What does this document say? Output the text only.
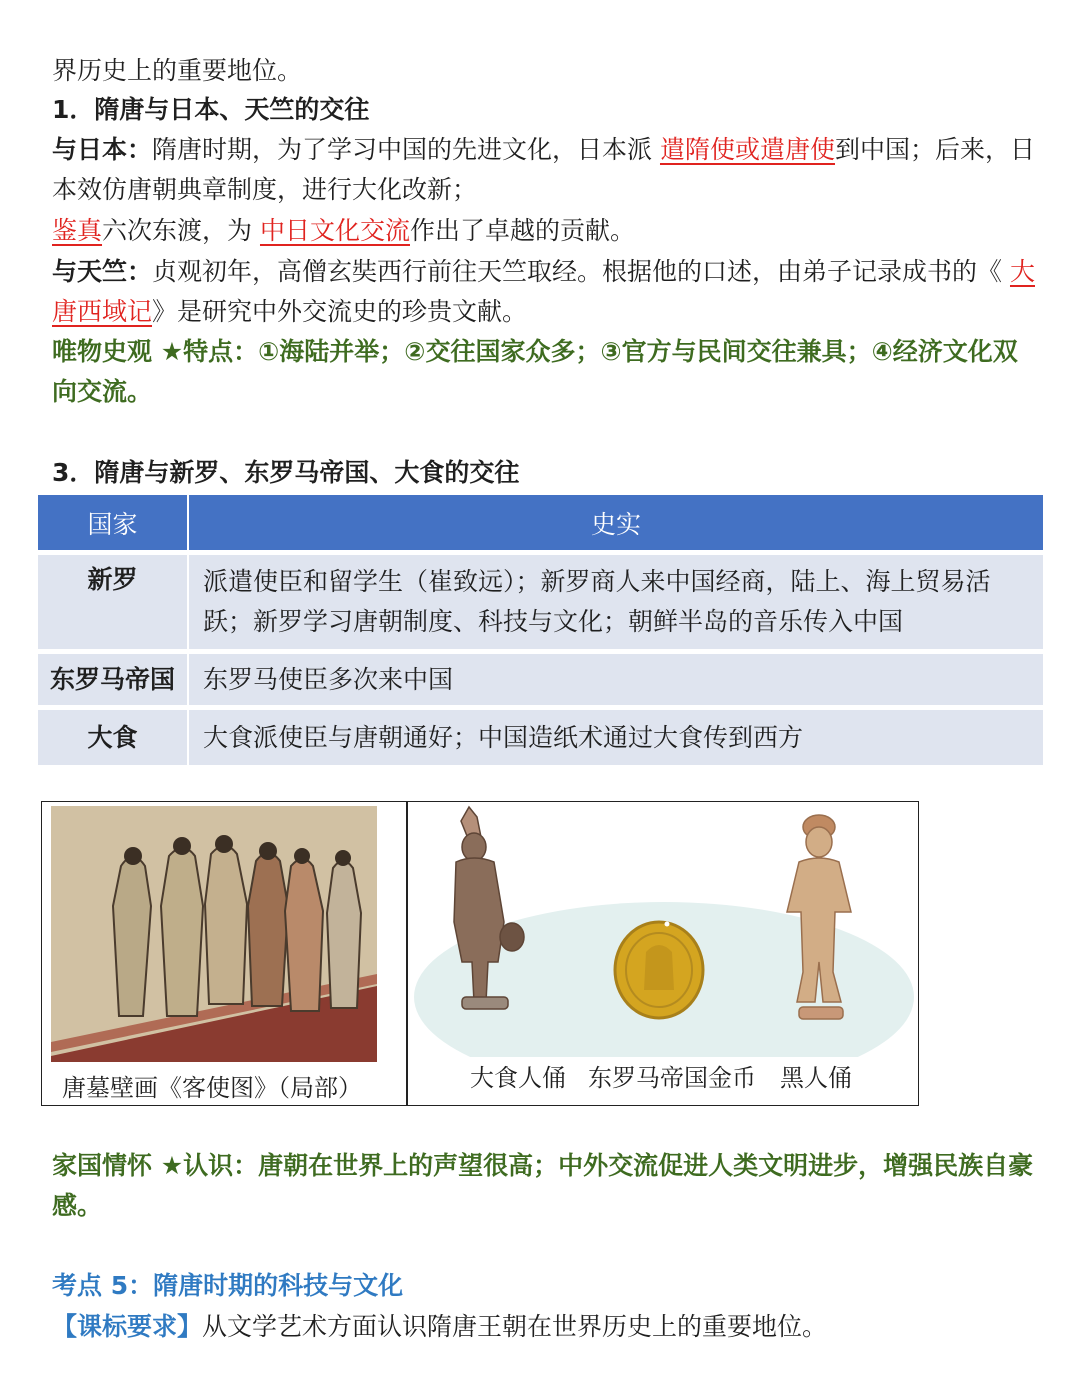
界历史上的重要地位。
1．隋唐与日本、天竺的交往
与日本：隋唐时期，为了学习中国的先进文化，日本派 遣隋使或遣唐使到中国；后来，日
本效仿唐朝典章制度，进行大化改新；
鉴真六次东渡，为 中日文化交流作出了卓越的贡献。
与天竺：贞观初年，高僧玄奘西行前往天竺取经。根据他的口述，由弟子记录成书的《 大
唐西域记》是研究中外交流史的珍贵文献。
唯物史观 ★特点：①海陆并举；②交往国家众多；③官方与民间交往兼具；④经济文化双
向交流。
3．隋唐与新罗、东罗马帝国、大食的交往
国家	史实
新罗	派遣使臣和留学生（崔致远）；新罗商人来中国经商，陆上、海上贸易活
跃；新罗学习唐朝制度、科技与文化；朝鲜半岛的音乐传入中国

东罗马帝国	东罗马使臣多次来中国
大食	大食派使臣与唐朝通好；中国造纸术通过大食传到西方
唐墓壁画《客使图》（局部）	大食人俑 东罗马帝国金币 黑人俑
家国情怀 ★认识：唐朝在世界上的声望很高；中外交流促进人类文明进步，增强民族自豪
感。
考点 5：隋唐时期的科技与文化
【课标要求】从文学艺术方面认识隋唐王朝在世界历史上的重要地位。
